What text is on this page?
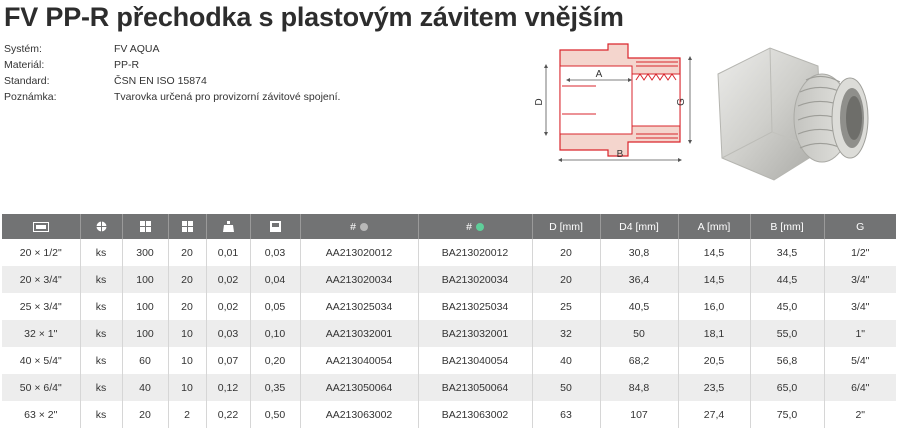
FV PP-R přechodka s plastovým závitem vnějším
Systém:	FV AQUA
Materiál:	PP-R
Standard:	ČSN EN ISO 15874
Poznámka:	Tvarovka určená pro provizorní závitové spojení.
A
B
D	G
						#	#	D [mm]	D4 [mm]	A [mm]	B [mm]	G
20 × 1/2"	ks	300	20	0,01	0,03	AA213020012	BA213020012	20	30,8	14,5	34,5	1/2"
20 × 3/4"	ks	100	20	0,02	0,04	AA213020034	BA213020034	20	36,4	14,5	44,5	3/4"
25 × 3/4"	ks	100	20	0,02	0,05	AA213025034	BA213025034	25	40,5	16,0	45,0	3/4"
32 × 1"	ks	100	10	0,03	0,10	AA213032001	BA213032001	32	50	18,1	55,0	1"
40 × 5/4"	ks	60	10	0,07	0,20	AA213040054	BA213040054	40	68,2	20,5	56,8	5/4"
50 × 6/4"	ks	40	10	0,12	0,35	AA213050064	BA213050064	50	84,8	23,5	65,0	6/4"
63 × 2"	ks	20	2	0,22	0,50	AA213063002	BA213063002	63	107	27,4	75,0	2"
